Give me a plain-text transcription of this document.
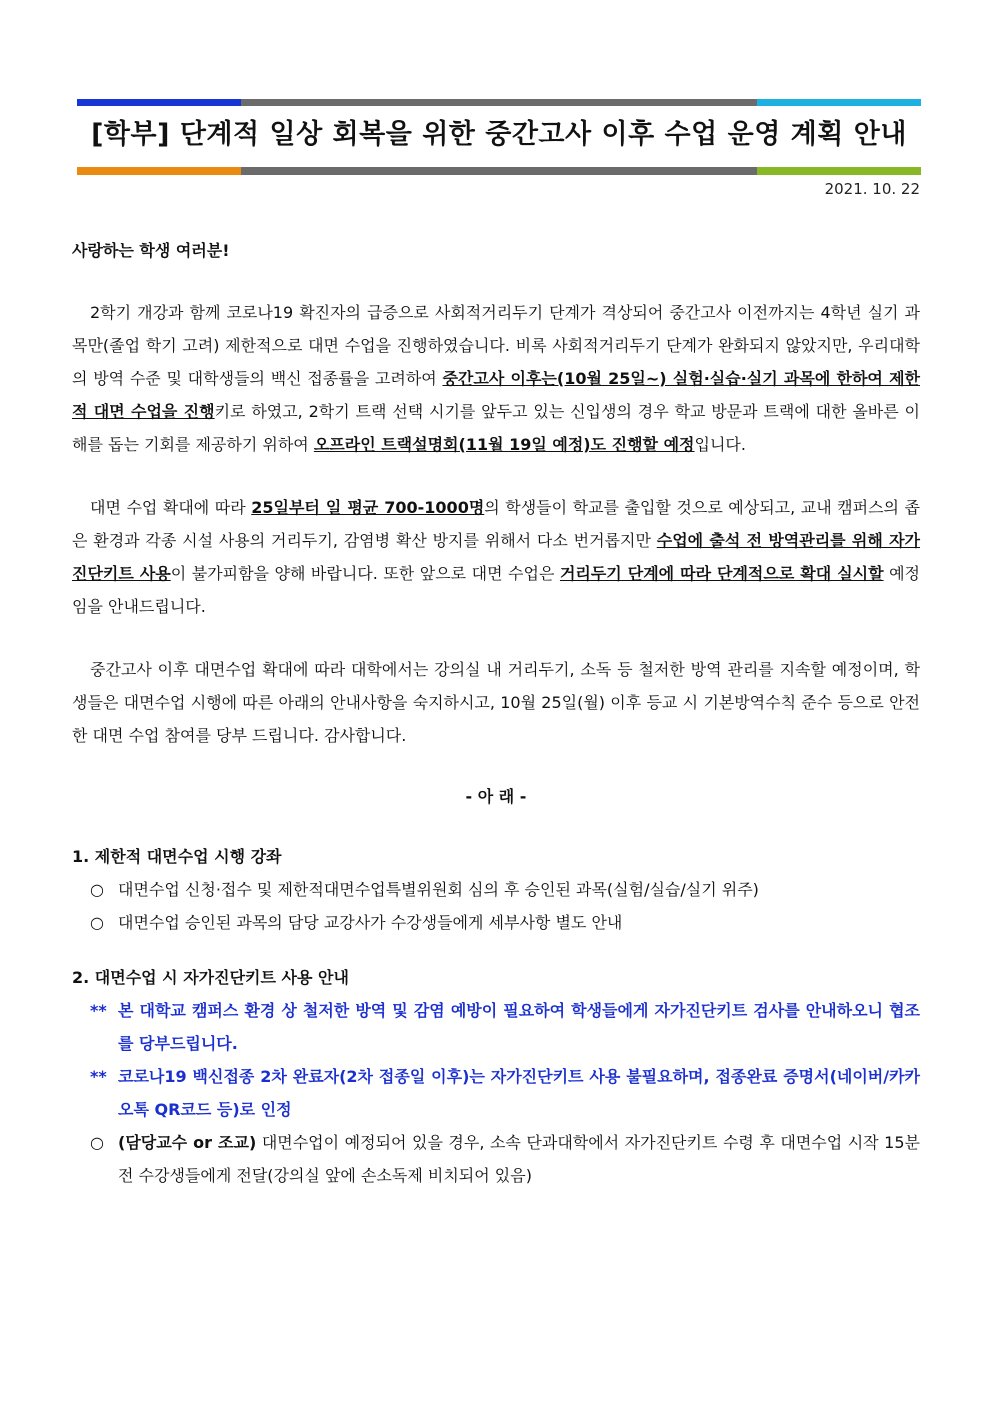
[학부] 단계적 일상 회복을 위한 중간고사 이후 수업 운영 계획 안내
2021. 10. 22

사랑하는 학생 여러분!

2학기 개강과 함께 코로나19 확진자의 급증으로 사회적거리두기 단계가 격상되어 중간고사 이전까지는 4학년 실기 과목만(졸업 학기 고려) 제한적으로 대면 수업을 진행하였습니다. 비록 사회적거리두기 단계가 완화되지 않았지만, 우리대학의 방역 수준 및 대학생들의 백신 접종률을 고려하여 중간고사 이후는(10월 25일~) 실험·실습·실기 과목에 한하여 제한적 대면 수업을 진행키로 하였고, 2학기 트랙 선택 시기를 앞두고 있는 신입생의 경우 학교 방문과 트랙에 대한 올바른 이해를 돕는 기회를 제공하기 위하여 오프라인 트랙설명회(11월 19일 예정)도 진행할 예정입니다.

대면 수업 확대에 따라 25일부터 일 평균 700-1000명의 학생들이 학교를 출입할 것으로 예상되고, 교내 캠퍼스의 좁은 환경과 각종 시설 사용의 거리두기, 감염병 확산 방지를 위해서 다소 번거롭지만 수업에 출석 전 방역관리를 위해 자가진단키트 사용이 불가피함을 양해 바랍니다. 또한 앞으로 대면 수업은 거리두기 단계에 따라 단계적으로 확대 실시할 예정임을 안내드립니다.

중간고사 이후 대면수업 확대에 따라 대학에서는 강의실 내 거리두기, 소독 등 철저한 방역 관리를 지속할 예정이며, 학생들은 대면수업 시행에 따른 아래의 안내사항을 숙지하시고, 10월 25일(월) 이후 등교 시 기본방역수칙 준수 등으로 안전한 대면 수업 참여를 당부 드립니다. 감사합니다.

- 아 래 -
1. 제한적 대면수업 시행 강좌
○ 대면수업 신청·접수 및 제한적대면수업특별위원회 심의 후 승인된 과목(실험/실습/실기 위주)
○ 대면수업 승인된 과목의 담당 교강사가 수강생들에게 세부사항 별도 안내
2. 대면수업 시 자가진단키트 사용 안내
** 본 대학교 캠퍼스 환경 상 철저한 방역 및 감염 예방이 필요하여 학생들에게 자가진단키트 검사를 안내하오니 협조를 당부드립니다.
** 코로나19 백신접종 2차 완료자(2차 접종일 이후)는 자가진단키트 사용 불필요하며, 접종완료 증명서(네이버/카카오톡 QR코드 등)로 인정
○ (담당교수 or 조교) 대면수업이 예정되어 있을 경우, 소속 단과대학에서 자가진단키트 수령 후 대면수업 시작 15분 전 수강생들에게 전달(강의실 앞에 손소독제 비치되어 있음)
